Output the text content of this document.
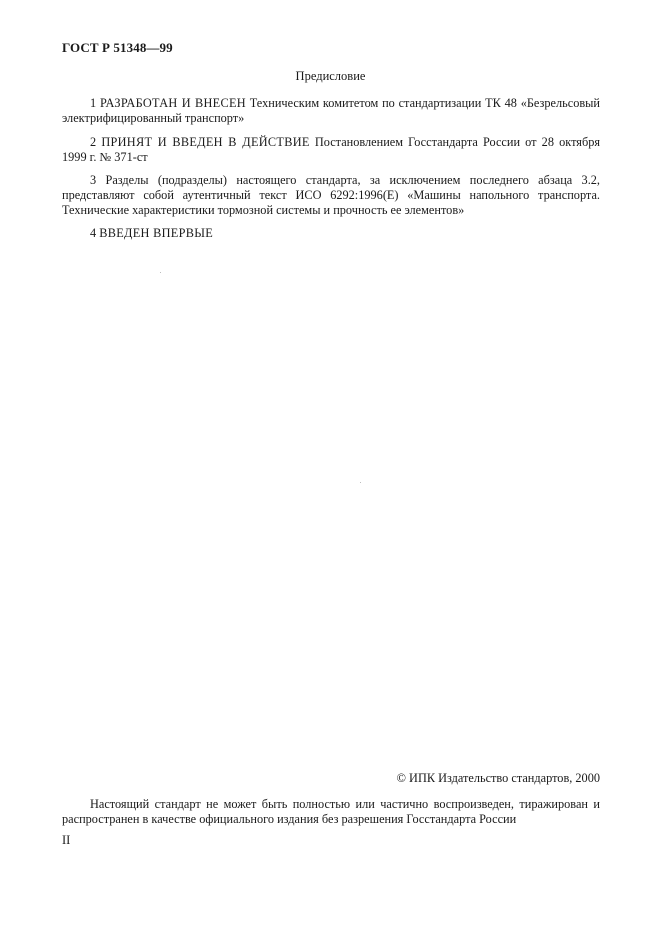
ГОСТ Р 51348—99
Предисловие
1 РАЗРАБОТАН И ВНЕСЕН Техническим комитетом по стандартизации ТК 48 «Безрельсовый электрифицированный транспорт»
2 ПРИНЯТ И ВВЕДЕН В ДЕЙСТВИЕ Постановлением Госстандарта России от 28 октября 1999 г. № 371-ст
3 Разделы (подразделы) настоящего стандарта, за исключением последнего абзаца 3.2, представляют собой аутентичный текст ИСО 6292:1996(Е) «Машины напольного транспорта. Технические характеристики тормозной системы и прочность ее элементов»
4 ВВЕДЕН ВПЕРВЫЕ
© ИПК Издательство стандартов, 2000
Настоящий стандарт не может быть полностью или частично воспроизведен, тиражирован и распространен в качестве официального издания без разрешения Госстандарта России
II
